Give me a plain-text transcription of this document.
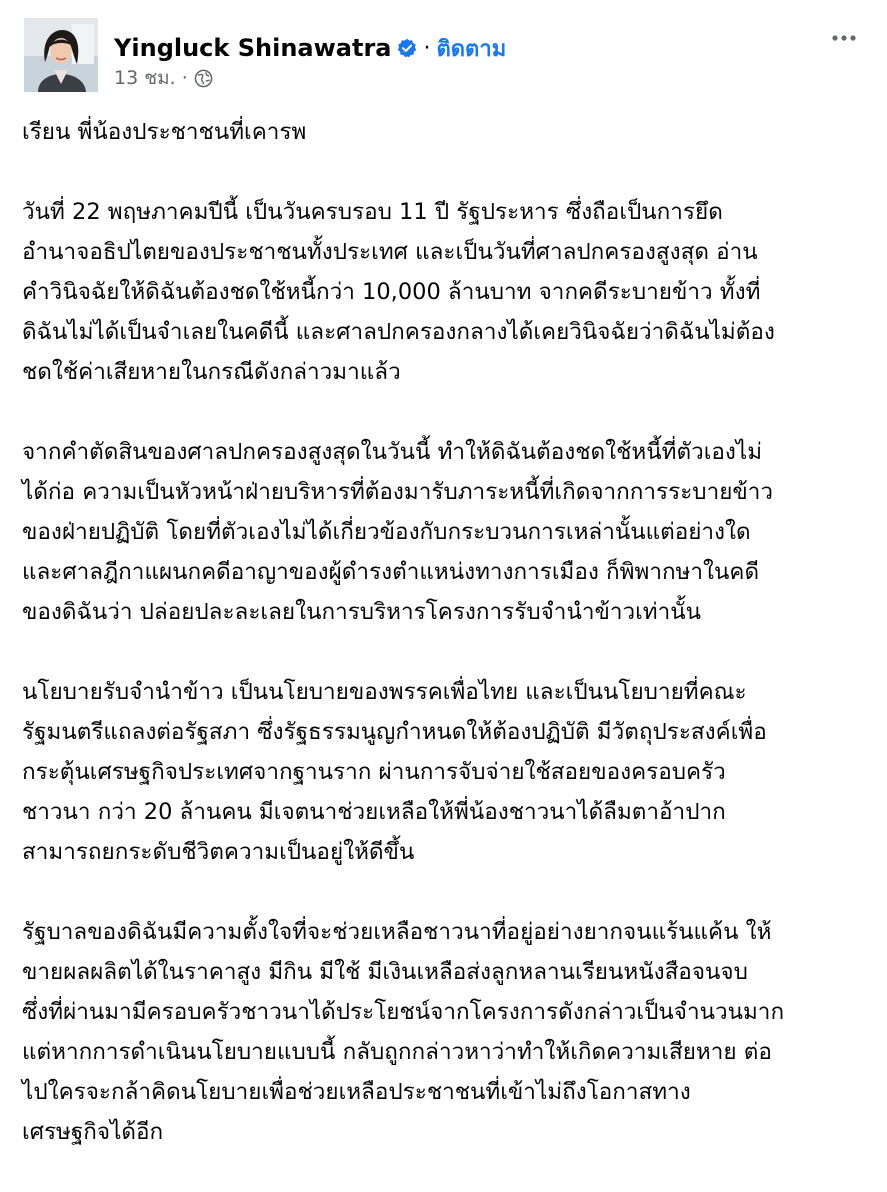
Yingluck Shinawatra · ติดตาม
13 ชม. ·
เรียน พี่น้องประชาชนที่เคารพ
วันที่ 22 พฤษภาคมปีนี้ เป็นวันครบรอบ 11 ปี รัฐประหาร ซึ่งถือเป็นการยึด
อำนาจอธิปไตยของประชาชนทั้งประเทศ และเป็นวันที่ศาลปกครองสูงสุด อ่าน
คำวินิจฉัยให้ดิฉันต้องชดใช้หนี้กว่า 10,000 ล้านบาท จากคดีระบายข้าว ทั้งที่
ดิฉันไม่ได้เป็นจำเลยในคดีนี้ และศาลปกครองกลางได้เคยวินิจฉัยว่าดิฉันไม่ต้อง
ชดใช้ค่าเสียหายในกรณีดังกล่าวมาแล้ว
จากคำตัดสินของศาลปกครองสูงสุดในวันนี้ ทำให้ดิฉันต้องชดใช้หนี้ที่ตัวเองไม่
ได้ก่อ ความเป็นหัวหน้าฝ่ายบริหารที่ต้องมารับภาระหนี้ที่เกิดจากการระบายข้าว
ของฝ่ายปฏิบัติ โดยที่ตัวเองไม่ได้เกี่ยวข้องกับกระบวนการเหล่านั้นแต่อย่างใด
และศาลฎีกาแผนกคดีอาญาของผู้ดำรงตำแหน่งทางการเมือง ก็พิพากษาในคดี
ของดิฉันว่า ปล่อยปละละเลยในการบริหารโครงการรับจำนำข้าวเท่านั้น
นโยบายรับจำนำข้าว เป็นนโยบายของพรรคเพื่อไทย และเป็นนโยบายที่คณะ
รัฐมนตรีแถลงต่อรัฐสภา ซึ่งรัฐธรรมนูญกำหนดให้ต้องปฏิบัติ มีวัตถุประสงค์เพื่อ
กระตุ้นเศรษฐกิจประเทศจากฐานราก ผ่านการจับจ่ายใช้สอยของครอบครัว
ชาวนา กว่า 20 ล้านคน มีเจตนาช่วยเหลือให้พี่น้องชาวนาได้ลืมตาอ้าปาก
สามารถยกระดับชีวิตความเป็นอยู่ให้ดีขึ้น
รัฐบาลของดิฉันมีความตั้งใจที่จะช่วยเหลือชาวนาที่อยู่อย่างยากจนแร้นแค้น ให้
ขายผลผลิตได้ในราคาสูง มีกิน มีใช้ มีเงินเหลือส่งลูกหลานเรียนหนังสือจนจบ
ซึ่งที่ผ่านมามีครอบครัวชาวนาได้ประโยชน์จากโครงการดังกล่าวเป็นจำนวนมาก
แต่หากการดำเนินนโยบายแบบนี้ กลับถูกกล่าวหาว่าทำให้เกิดความเสียหาย ต่อ
ไปใครจะกล้าคิดนโยบายเพื่อช่วยเหลือประชาชนที่เข้าไม่ถึงโอกาสทาง
เศรษฐกิจได้อีก
